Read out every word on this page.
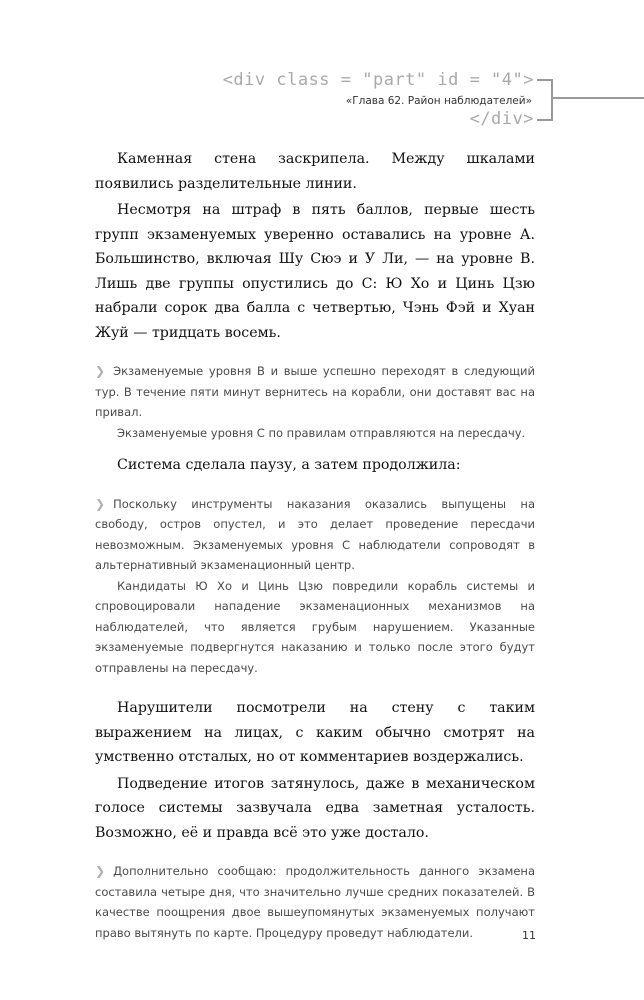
<div class = "part" id = "4">
«Глава 62. Район наблюдателей»
</div>

Каменная стена заскрипела. Между шкалами появились разделительные линии.

Несмотря на штраф в пять баллов, первые шесть групп экзаменуемых уверенно оставались на уровне А. Большинство, включая Шу Сюэ и У Ли, — на уровне В. Лишь две группы опустились до С: Ю Хо и Цинь Цзю набрали сорок два балла с четвертью, Чэнь Фэй и Хуан Жуй — тридцать восемь.

❯ Экзаменуемые уровня В и выше успешно переходят в следующий тур. В течение пяти минут вернитесь на корабли, они доставят вас на привал.

Экзаменуемые уровня С по правилам отправляются на пересдачу.

Система сделала паузу, а затем продолжила:

❯ Поскольку инструменты наказания оказались выпущены на свободу, остров опустел, и это делает проведение пересдачи невозможным. Экзаменуемых уровня С наблюдатели сопроводят в альтернативный экзаменационный центр.

Кандидаты Ю Хо и Цинь Цзю повредили корабль системы и спровоцировали нападение экзаменационных механизмов на наблюдателей, что является грубым нарушением. Указанные экзаменуемые подвергнутся наказанию и только после этого будут отправлены на пересдачу.

Нарушители посмотрели на стену с таким выражением на лицах, с каким обычно смотрят на умственно отсталых, но от комментариев воздержались.

Подведение итогов затянулось, даже в механическом голосе системы зазвучала едва заметная усталость. Возможно, её и правда всё это уже достало.

❯ Дополнительно сообщаю: продолжительность данного экзамена составила четыре дня, что значительно лучше средних показателей. В качестве поощрения двое вышеупомянутых экзаменуемых получают право вытянуть по карте. Процедуру проведут наблюдатели.	11
